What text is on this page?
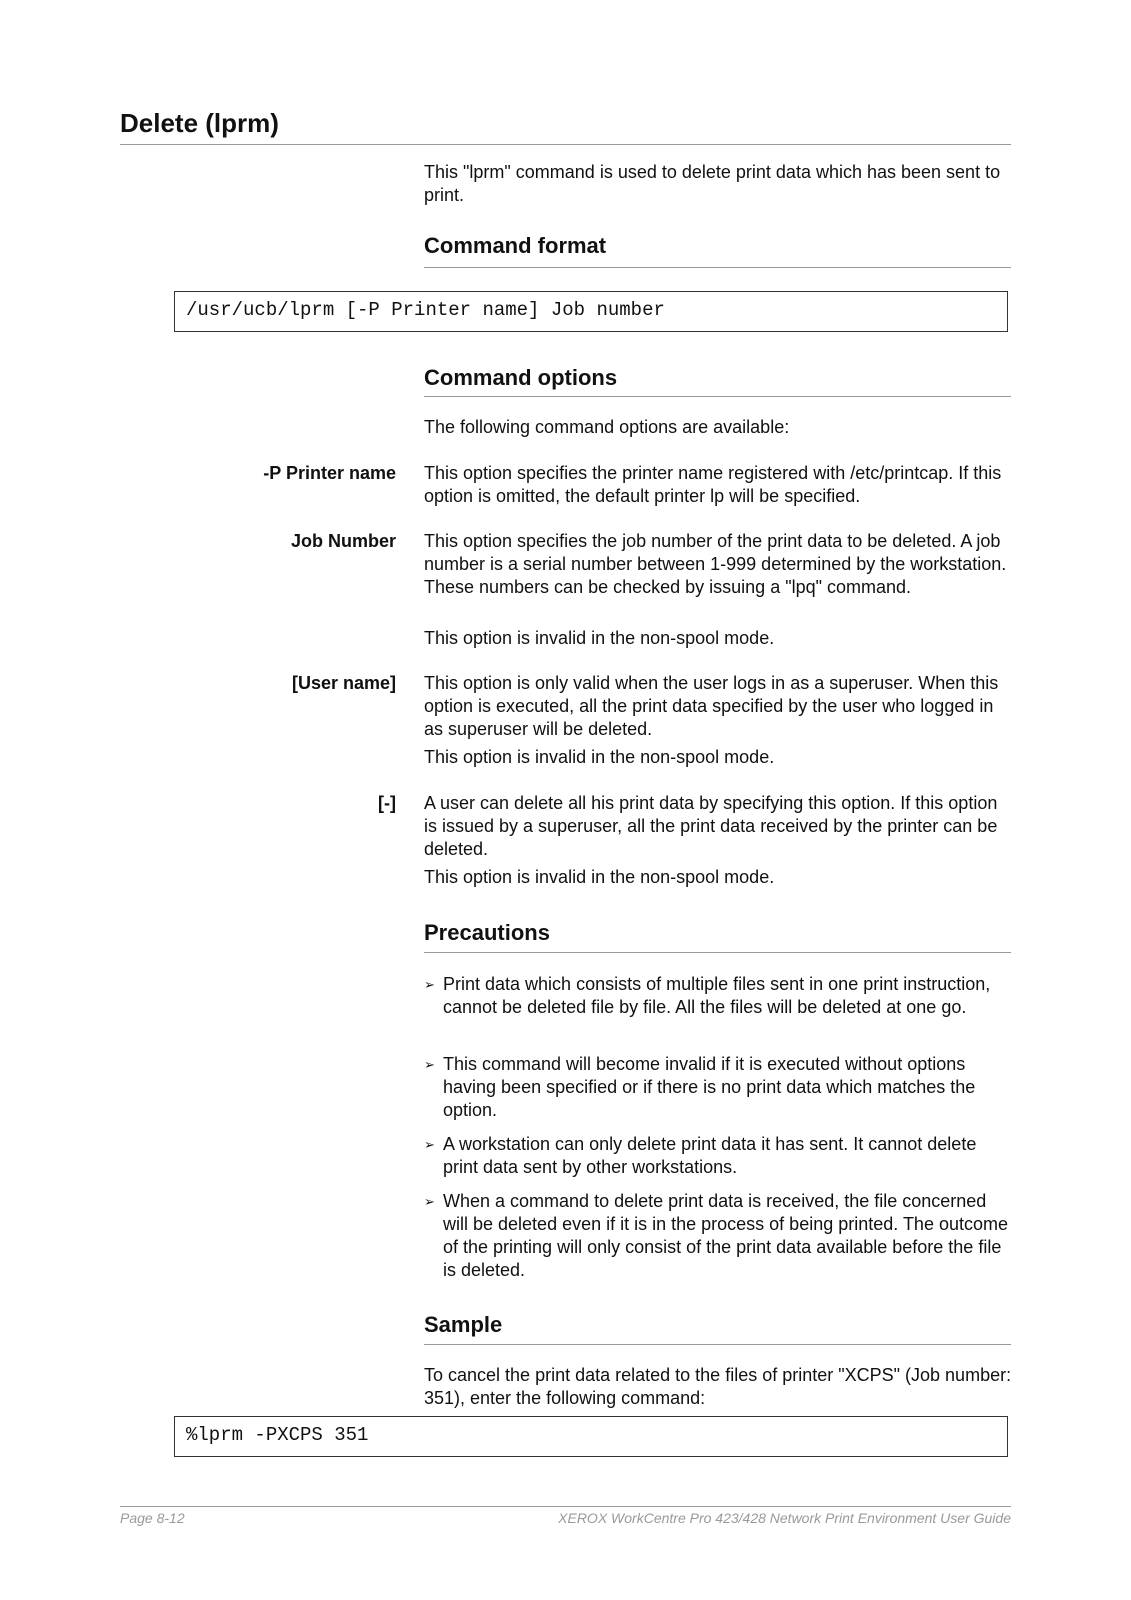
Delete (lprm)

This "lprm" command is used to delete print data which has been sent to print.

Command format
/usr/ucb/lprm [-P Printer name] Job number
Command options

The following command options are available:

-P Printer name This option specifies the printer name registered with /etc/printcap. If this option is omitted, the default printer lp will be specified.

Job Number This option specifies the job number of the print data to be deleted. A job number is a serial number between 1-999 determined by the workstation. These numbers can be checked by issuing a "lpq" command.

This option is invalid in the non-spool mode.

[User name] This option is only valid when the user logs in as a superuser. When this option is executed, all the print data specified by the user who logged in as superuser will be deleted.

This option is invalid in the non-spool mode.

[-] A user can delete all his print data by specifying this option. If this option is issued by a superuser, all the print data received by the printer can be deleted.

This option is invalid in the non-spool mode.

Precautions
➢ Print data which consists of multiple files sent in one print instruction, cannot be deleted file by file. All the files will be deleted at one go.
➢ This command will become invalid if it is executed without options having been specified or if there is no print data which matches the option.
➢ A workstation can only delete print data it has sent. It cannot delete print data sent by other workstations.
➢ When a command to delete print data is received, the file concerned will be deleted even if it is in the process of being printed. The outcome of the printing will only consist of the print data available before the file is deleted.
Sample

To cancel the print data related to the files of printer "XCPS" (Job number: 351), enter the following command:

%lprm -PXCPS 351
Page 8-12	XEROX WorkCentre Pro 423/428 Network Print Environment User Guide
